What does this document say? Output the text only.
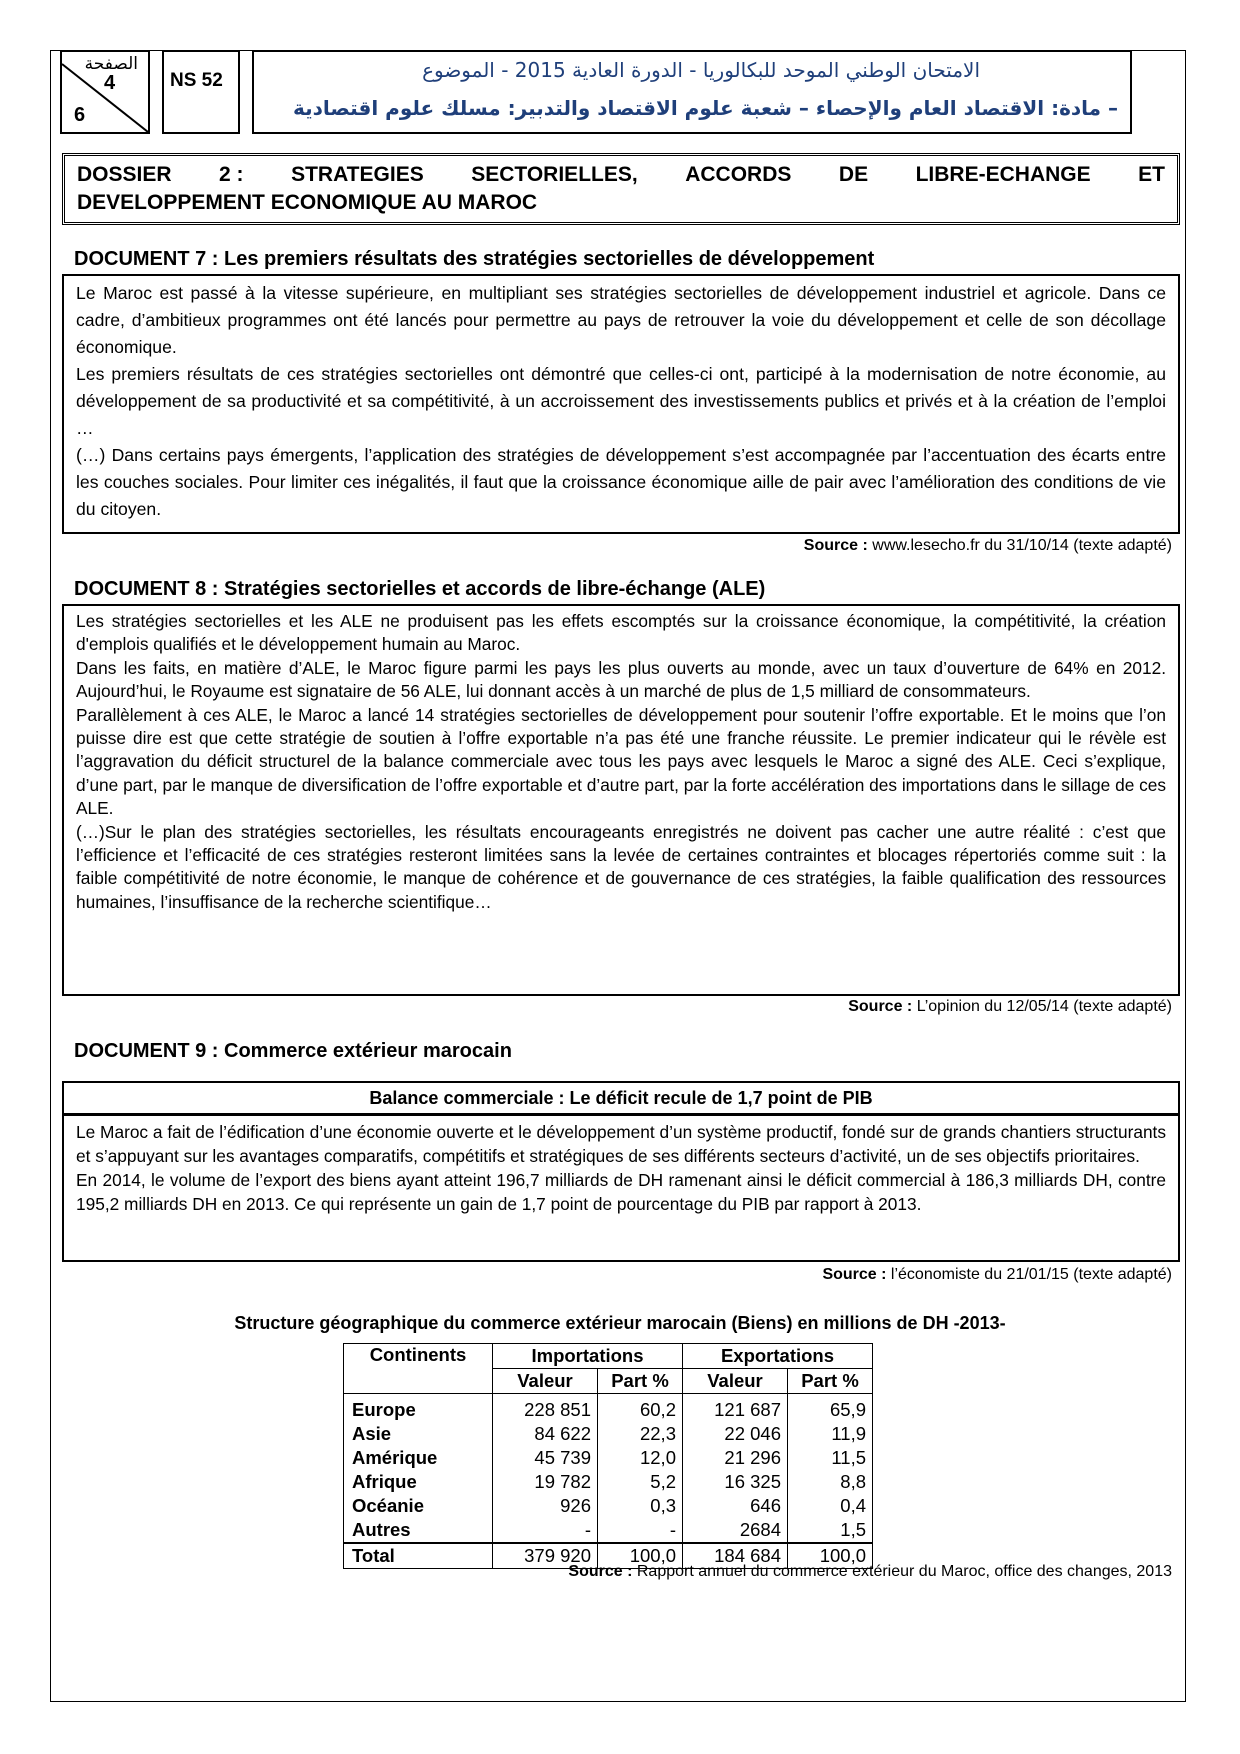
الصفحة
4
6
NS 52	الامتحان الوطني الموحد للبكالوريا - الدورة العادية 2015 - الموضوع
– مادة: الاقتصاد العام والإحصاء – شعبة علوم الاقتصاد والتدبير: مسلك علوم اقتصادية
DOSSIER 2 : STRATEGIES SECTORIELLES, ACCORDS DE LIBRE-ECHANGE ET
DEVELOPPEMENT ECONOMIQUE AU MAROC
DOCUMENT 7 : Les premiers résultats des stratégies sectorielles de développement

Le Maroc est passé à la vitesse supérieure, en multipliant ses stratégies sectorielles de développement industriel et agricole. Dans ce cadre, d’ambitieux programmes ont été lancés pour permettre au pays de retrouver la voie du développement et celle de son décollage économique.

Les premiers résultats de ces stratégies sectorielles ont démontré que celles-ci ont, participé à la modernisation de notre économie, au développement de sa productivité et sa compétitivité, à un accroissement des investissements publics et privés et à la création de l’emploi …

(…) Dans certains pays émergents, l’application des stratégies de développement s’est accompagnée par l’accentuation des écarts entre les couches sociales. Pour limiter ces inégalités, il faut que la croissance économique aille de pair avec l’amélioration des conditions de vie du citoyen.

Source : www.lesecho.fr du 31/10/14 (texte adapté)
DOCUMENT 8 : Stratégies sectorielles et accords de libre-échange (ALE)

Les stratégies sectorielles et les ALE ne produisent pas les effets escomptés sur la croissance économique, la compétitivité, la création d'emplois qualifiés et le développement humain au Maroc.

Dans les faits, en matière d’ALE, le Maroc figure parmi les pays les plus ouverts au monde, avec un taux d’ouverture de 64% en 2012. Aujourd’hui, le Royaume est signataire de 56 ALE, lui donnant accès à un marché de plus de 1,5 milliard de consommateurs.

Parallèlement à ces ALE, le Maroc a lancé 14 stratégies sectorielles de développement pour soutenir l’offre exportable. Et le moins que l’on puisse dire est que cette stratégie de soutien à l’offre exportable n’a pas été une franche réussite. Le premier indicateur qui le révèle est l’aggravation du déficit structurel de la balance commerciale avec tous les pays avec lesquels le Maroc a signé des ALE. Ceci s’explique, d’une part, par le manque de diversification de l’offre exportable et d’autre part, par la forte accélération des importations dans le sillage de ces ALE.

(…)Sur le plan des stratégies sectorielles, les résultats encourageants enregistrés ne doivent pas cacher une autre réalité : c’est que l’efficience et l’efficacité de ces stratégies resteront limitées sans la levée de certaines contraintes et blocages répertoriés comme suit : la faible compétitivité de notre économie, le manque de cohérence et de gouvernance de ces stratégies, la faible qualification des ressources humaines, l’insuffisance de la recherche scientifique…

Source : L’opinion du 12/05/14 (texte adapté)
DOCUMENT 9 : Commerce extérieur marocain
Balance commerciale : Le déficit recule de 1,7 point de PIB

Le Maroc a fait de l’édification d’une économie ouverte et le développement d’un système productif, fondé sur de grands chantiers structurants et s’appuyant sur les avantages comparatifs, compétitifs et stratégiques de ses différents secteurs d’activité, un de ses objectifs prioritaires.

En 2014, le volume de l’export des biens ayant atteint 196,7 milliards de DH ramenant ainsi le déficit commercial à 186,3 milliards DH, contre 195,2 milliards DH en 2013. Ce qui représente un gain de 1,7 point de pourcentage du PIB par rapport à 2013.

Source : l’économiste du 21/01/15 (texte adapté)
Structure géographique du commerce extérieur marocain (Biens) en millions de DH -2013-
Continents	Importations		Exportations	
	Valeur	Part %	Valeur	Part %
Europe	228 851	60,2	121 687	65,9
Asie	84 622	22,3	22 046	11,9
Amérique	45 739	12,0	21 296	11,5
Afrique	19 782	5,2	16 325	8,8
Océanie	926	0,3	646	0,4
Autres	-	-	2684	1,5
Total	379 920	100,0	184 684	100,0
Source : Rapport annuel du commerce extérieur du Maroc, office des changes, 2013
